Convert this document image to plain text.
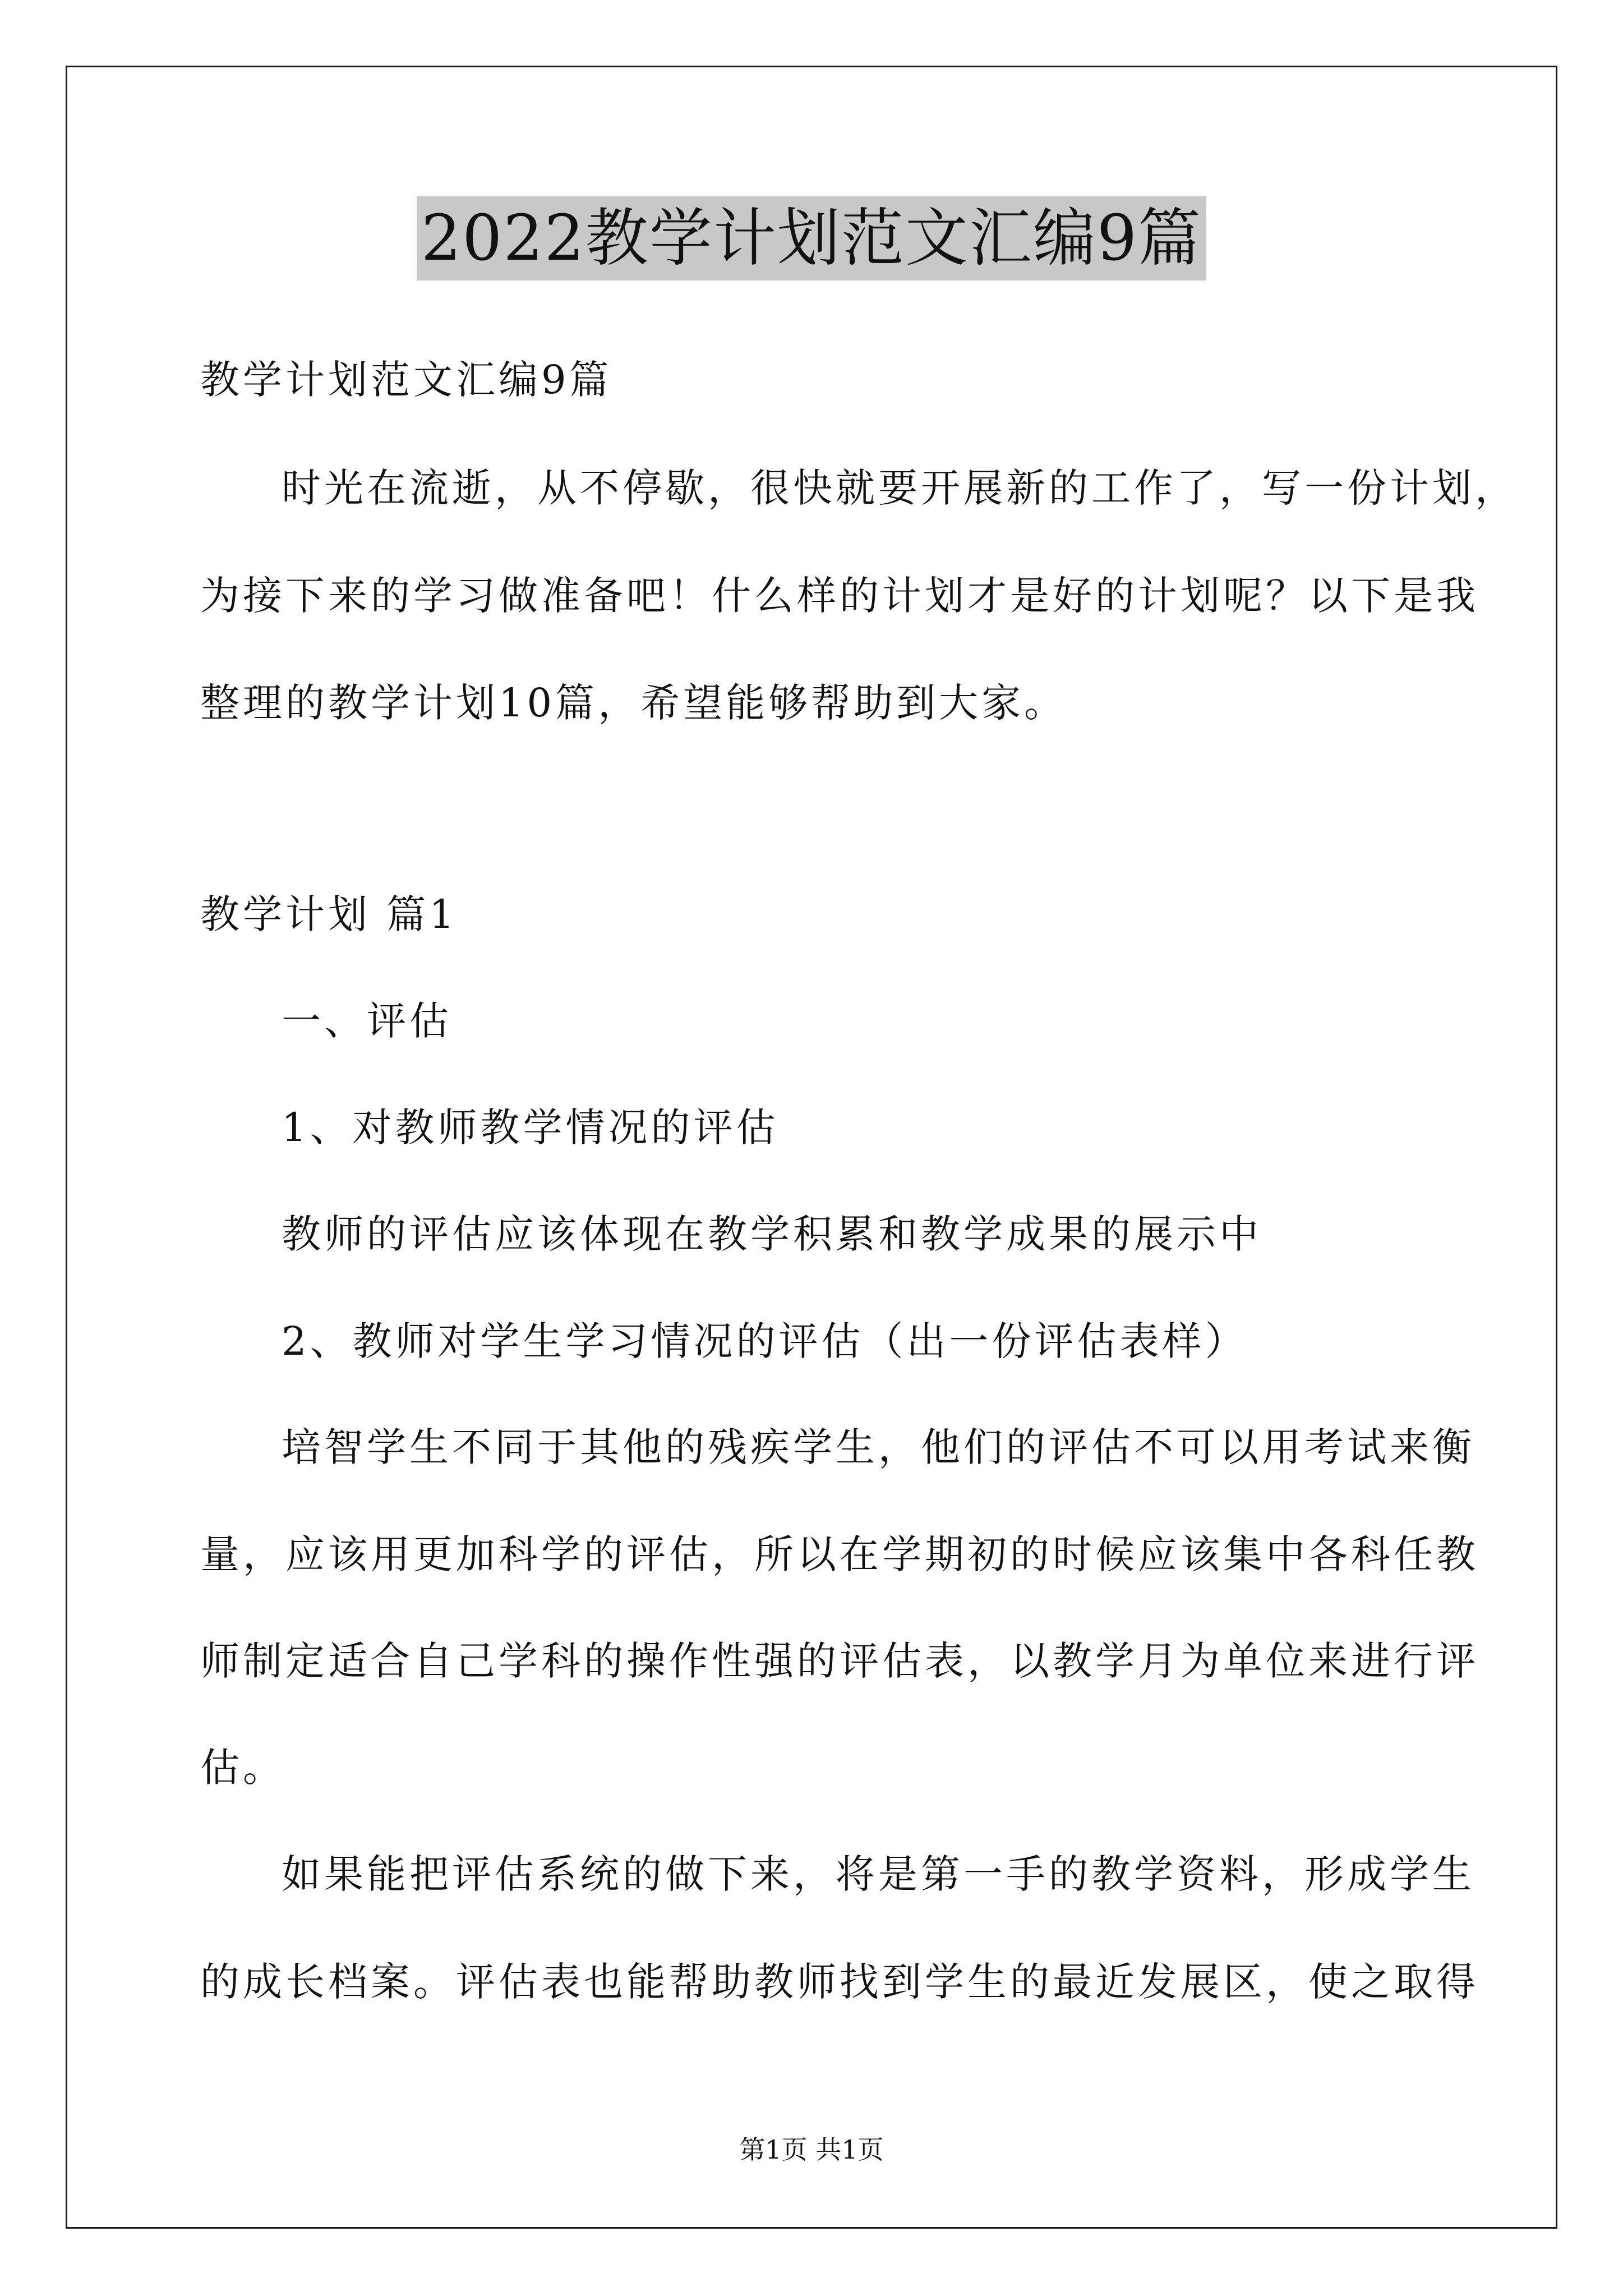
2022教学计划范文汇编9篇
教学计划范文汇编9篇
时光在流逝，从不停歇，很快就要开展新的工作了，写一份计划，
为接下来的学习做准备吧！什么样的计划才是好的计划呢？以下是我
整理的教学计划10篇，希望能够帮助到大家。
教学计划 篇1
一、评估
1、对教师教学情况的评估
教师的评估应该体现在教学积累和教学成果的展示中
2、教师对学生学习情况的评估（出一份评估表样）
培智学生不同于其他的残疾学生，他们的评估不可以用考试来衡
量，应该用更加科学的评估，所以在学期初的时候应该集中各科任教
师制定适合自己学科的操作性强的评估表，以教学月为单位来进行评
估。
如果能把评估系统的做下来，将是第一手的教学资料，形成学生
的成长档案。评估表也能帮助教师找到学生的最近发展区，使之取得
第1页 共1页
